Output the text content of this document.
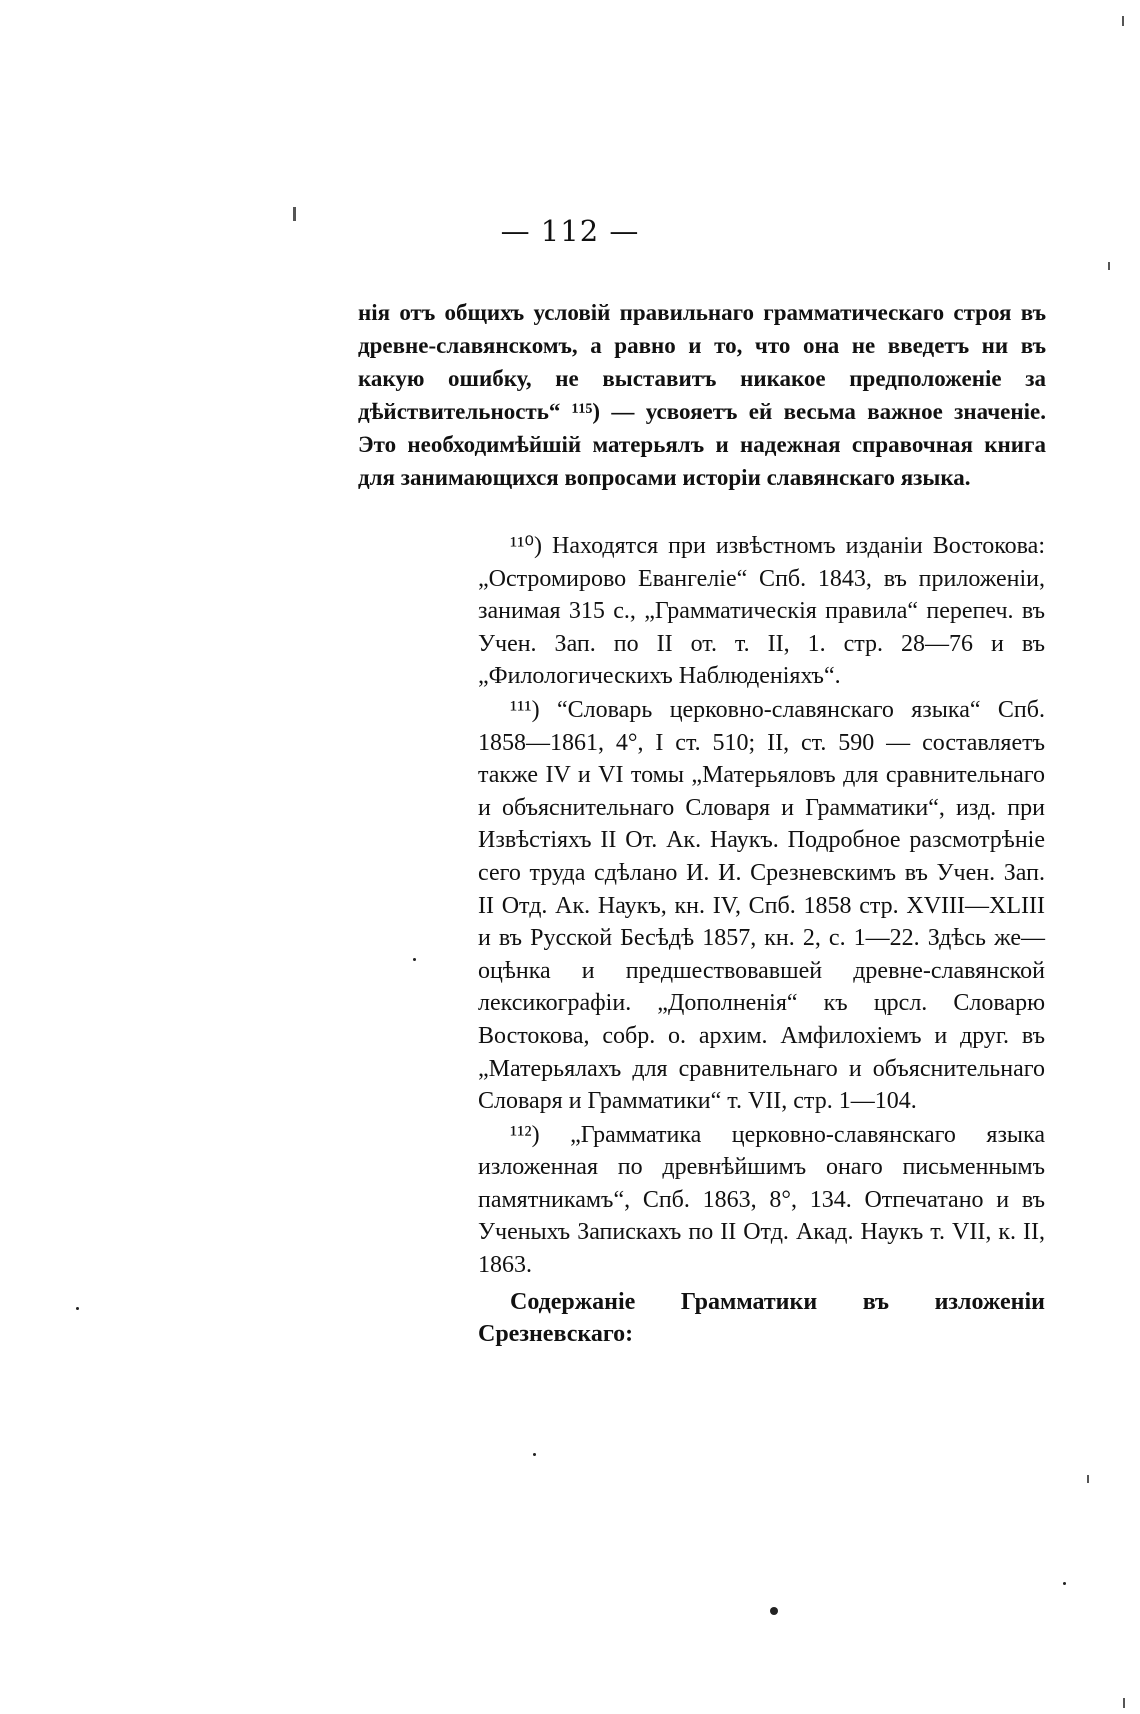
— 112 —
нія отъ общихъ условій правильнаго грамматическаго строя въ древне-славянскомъ, а равно и то, что она не введетъ ни въ какую ошибку, не выставитъ никакое предположеніе за дѣйствительность“ ¹¹⁵) — усвояетъ ей весьма важное значеніе. Это необходимѣйшій матерьялъ и надежная справочная книга для занимающихся вопросами исторіи славянскаго языка.

¹¹⁰) Находятся при извѣстномъ изданіи Востокова: „Остромирово Евангеліе“ Спб. 1843, въ приложеніи, занимая 315 с., „Грамматическія правила“ перепеч. въ Учен. Зап. по II от. т. II, 1. стр. 28—76 и въ „Филологическихъ Наблюденіяхъ“.

¹¹¹) “Словарь церковно-славянскаго языка“ Спб. 1858—1861, 4°, I ст. 510; II, ст. 590 — составляетъ также IV и VI томы „Матерьяловъ для сравнительнаго и объяснительнаго Словаря и Грамматики“, изд. при Извѣстіяхъ II От. Ак. Наукъ. Подробное разсмотрѣніе сего труда сдѣлано И. И. Срезневскимъ въ Учен. Зап. II Отд. Ак. Наукъ, кн. IV, Спб. 1858 стр. XVIII—XLIII и въ Русской Бесѣдѣ 1857, кн. 2, с. 1—22. Здѣсь же—оцѣнка и предшествовавшей древне-славянской лексикографіи. „Дополненія“ къ црсл. Словарю Востокова, собр. о. архим. Амфилохіемъ и друг. въ „Матерьялахъ для сравнительнаго и объяснительнаго Словаря и Грамматики“ т. VII, стр. 1—104.

¹¹²) „Грамматика церковно-славянскаго языка изложенная по древнѣйшимъ онаго письменнымъ памятникамъ“, Спб. 1863, 8°, 134. Отпечатано и въ Ученыхъ Запискахъ по II Отд. Акад. Наукъ т. VII, к. II, 1863.

Содержаніе Грамматики въ изложеніи Срезневскаго:
